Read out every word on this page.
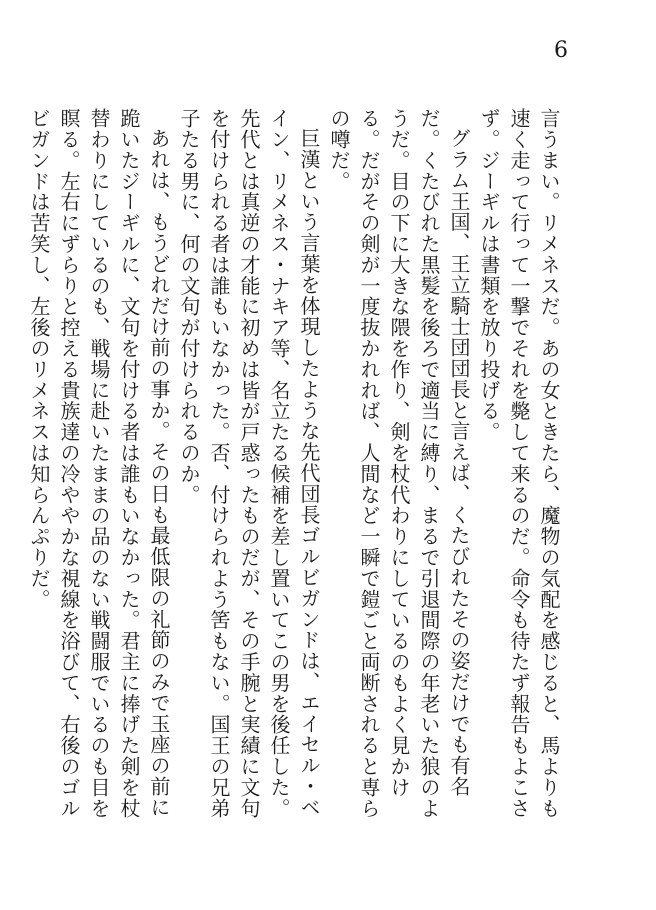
6

言うまい。リメネスだ。あの女ときたら、魔物の気配を感じると、馬よりも速く走って行って一撃でそれを斃して来るのだ。命令も待たず報告もよこさず。ジーギルは書類を放り投げる。

グラム王国、王立騎士団団長と言えば、くたびれたその姿だけでも有名だ。くたびれた黒髪を後ろで適当に縛り、まるで引退間際の年老いた狼のようだ。目の下に大きな隈を作り、剣を杖代わりにしているのもよく見かける。だがその剣が一度抜かれれば、人間など一瞬で鎧ごと両断されると専らの噂だ。

巨漢という言葉を体現したような先代団長ゴルビガンドは、エイセル・ベイン、リメネス・ナキア等、名立たる候補を差し置いてこの男を後任した。先代とは真逆の才能に初めは皆が戸惑ったものだが、その手腕と実績に文句を付けられる者は誰もいなかった。否、付けられよう筈もない。国王の兄弟子たる男に、何の文句が付けられるのか。

あれは、もうどれだけ前の事か。その日も最低限の礼節のみで玉座の前に跪いたジーギルに、文句を付ける者は誰もいなかった。君主に捧げた剣を杖替わりにしているのも、戦場に赴いたままの品のない戦闘服でいるのも目を瞑る。左右にずらりと控える貴族達の冷ややかな視線を浴びて、右後のゴルビガンドは苦笑し、左後のリメネスは知らんぷりだ。
